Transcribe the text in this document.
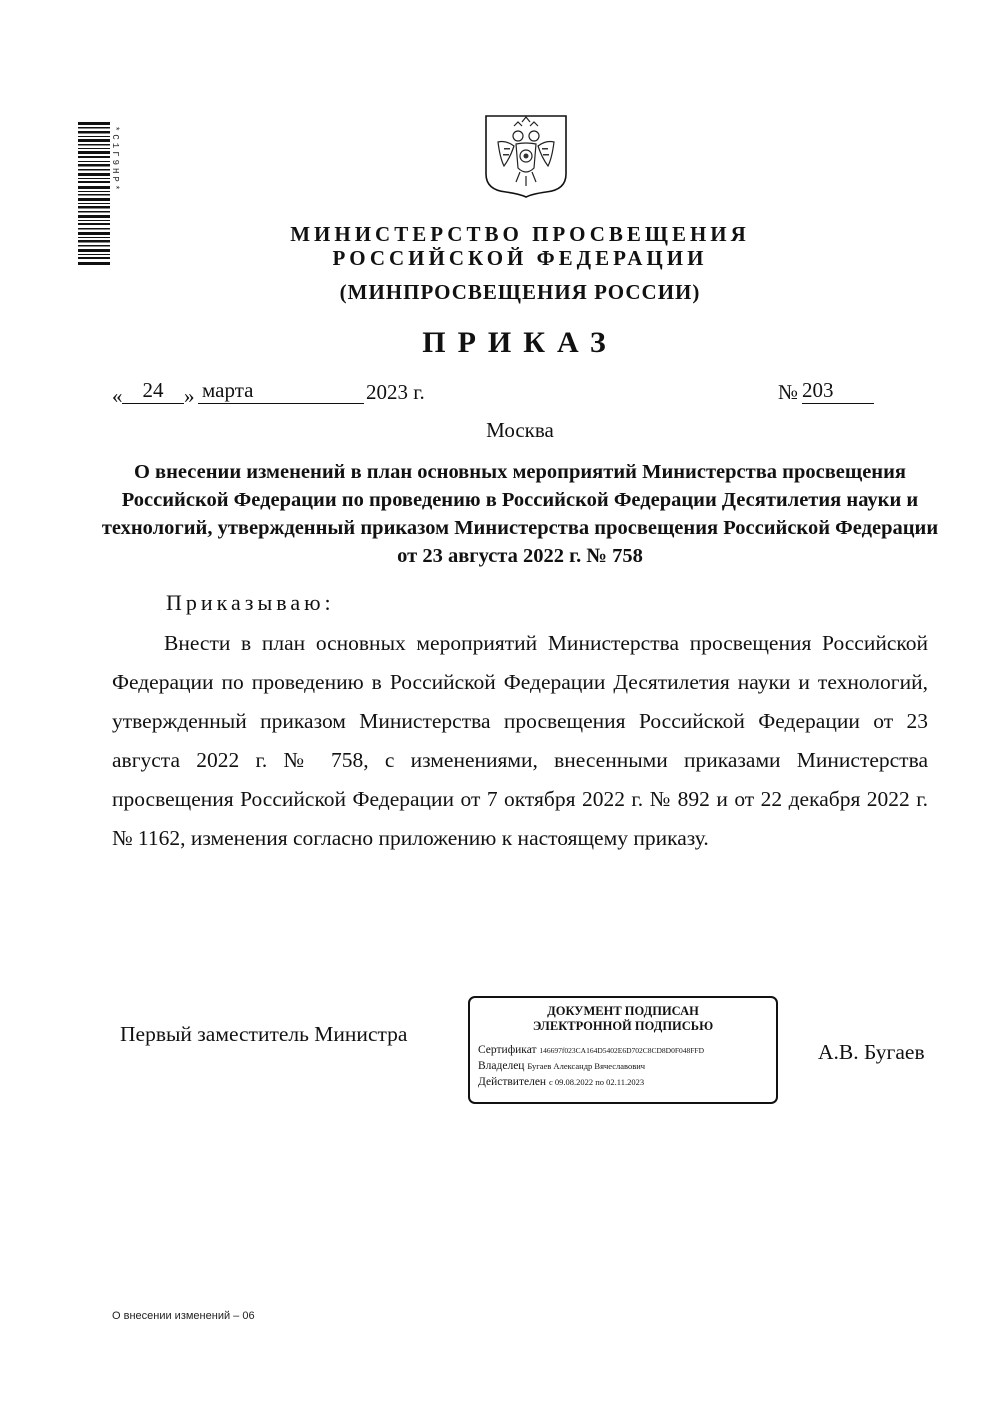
*С1Г9НР*
МИНИСТЕРСТВО ПРОСВЕЩЕНИЯ
РОССИЙСКОЙ ФЕДЕРАЦИИ
(МИНПРОСВЕЩЕНИЯ РОССИИ)
ПРИКАЗ
« 24 » марта	2023 г.	№ 203
Москва
О внесении изменений в план основных мероприятий Министерства просвещения Российской Федерации по проведению в Российской Федерации Десятилетия науки и технологий, утвержденный приказом Министерства просвещения Российской Федерации от 23 августа 2022 г. № 758
Приказываю:

Внести в план основных мероприятий Министерства просвещения Российской Федерации по проведению в Российской Федерации Десятилетия науки и технологий, утвержденный приказом Министерства просвещения Российской Федерации от 23 августа 2022 г. № 758, с изменениями, внесенными приказами Министерства просвещения Российской Федерации от 7 октября 2022 г. № 892 и от 22 декабря 2022 г. № 1162, изменения согласно приложению к настоящему приказу.

Первый заместитель Министра
ДОКУМЕНТ ПОДПИСАН
ЭЛЕКТРОННОЙ ПОДПИСЬЮ
Сертификат 146697f023CA164D5402E6D702C8CD8D0F048FFD
Владелец Бугаев Александр Вячеславович
Действителен с 09.08.2022 по 02.11.2023
А.В. Бугаев
О внесении изменений – 06
